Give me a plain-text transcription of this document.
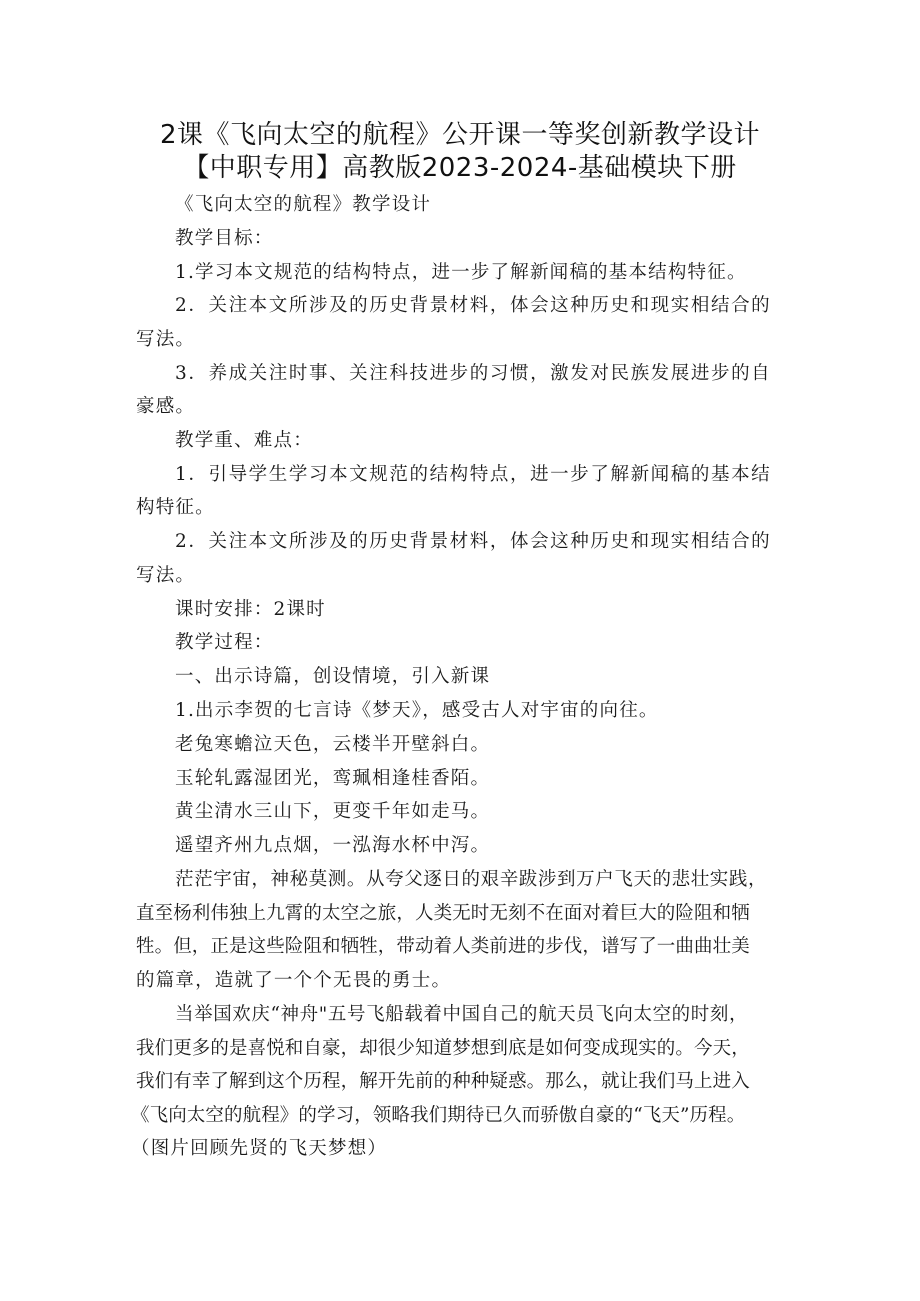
2课《飞向太空的航程》公开课一等奖创新教学设计
【中职专用】高教版2023-2024-基础模块下册
《飞向太空的航程》教学设计
教学目标：
1.学习本文规范的结构特点，进一步了解新闻稿的基本结构特征。
2．关注本文所涉及的历史背景材料，体会这种历史和现实相结合的
写法。
3．养成关注时事、关注科技进步的习惯，激发对民族发展进步的自
豪感。
教学重、难点：
1．引导学生学习本文规范的结构特点，进一步了解新闻稿的基本结
构特征。
2．关注本文所涉及的历史背景材料，体会这种历史和现实相结合的
写法。
课时安排：2课时
教学过程：
一、出示诗篇，创设情境，引入新课
1.出示李贺的七言诗《梦天》，感受古人对宇宙的向往。
老兔寒蟾泣天色，云楼半开壁斜白。
玉轮轧露湿团光，鸾珮相逢桂香陌。
黄尘清水三山下，更变千年如走马。
遥望齐州九点烟，一泓海水杯中泻。
茫茫宇宙，神秘莫测。从夸父逐日的艰辛跋涉到万户飞天的悲壮实践，
直至杨利伟独上九霄的太空之旅，人类无时无刻不在面对着巨大的险阻和牺
牲。但，正是这些险阻和牺牲，带动着人类前进的步伐，谱写了一曲曲壮美
的篇章，造就了一个个无畏的勇士。
当举国欢庆“神舟"五号飞船载着中国自己的航天员飞向太空的时刻，
我们更多的是喜悦和自豪，却很少知道梦想到底是如何变成现实的。今天，
我们有幸了解到这个历程，解开先前的种种疑惑。那么，就让我们马上进入
《飞向太空的航程》的学习，领略我们期待已久而骄傲自豪的“飞天”历程。
（图片回顾先贤的飞天梦想）
